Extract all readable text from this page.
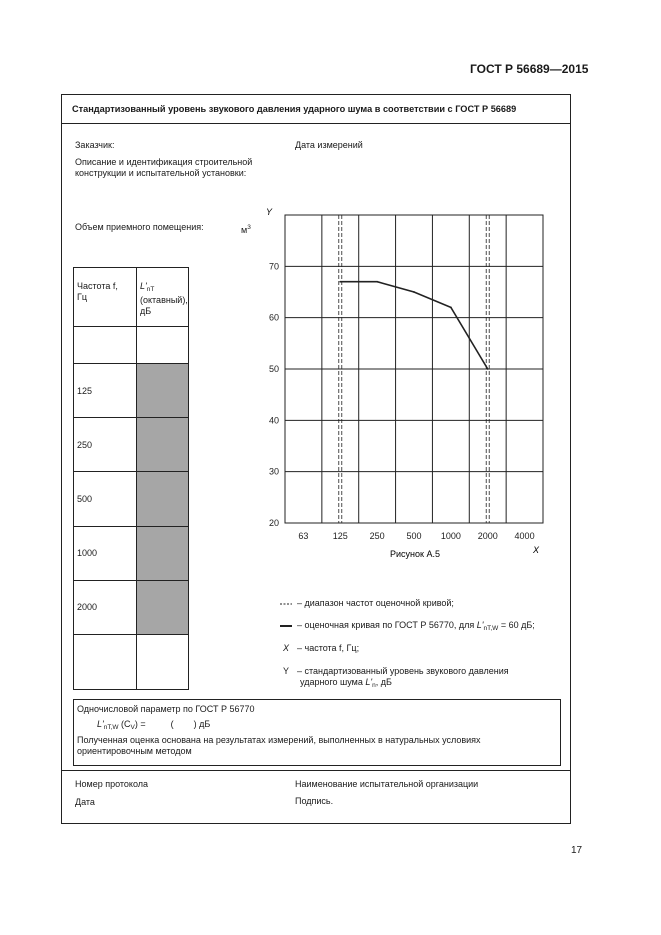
ГОСТ Р 56689—2015
Стандартизованный уровень звукового давления ударного шума в соответствии с ГОСТ Р 56689
Заказчик:	Дата измерений
Описание и идентификация строительной
конструкции и испытательной установки:
Объем приемного помещения:	$м^3$
Частота f,
Гц
$L'_{nT}$
(октавный),
дБ
125
250
500
1000
2000
20
30
40
50
60
70
63	125 250 500 1000 2000 4000
Y
X
Рисунок А.5
– диапазон частот оценочной кривой;
– оценочная кривая по ГОСТ Р 56770, для $L'_{nT,W} = 60$ дБ;
X – частота f, Гц;
Y – стандартизованный уровень звукового давления
ударного шума $L'_n$, дБ
Одночисловой параметр по ГОСТ Р 56770
$L'_{nT,W}$ $(C_V)$ =          (        ) дБ
Полученная оценка основана на результатах измерений, выполненных в натуральных условиях
ориентировочным методом
Номер протокола	Наименование испытательной организации
Дата	Подпись.
17
